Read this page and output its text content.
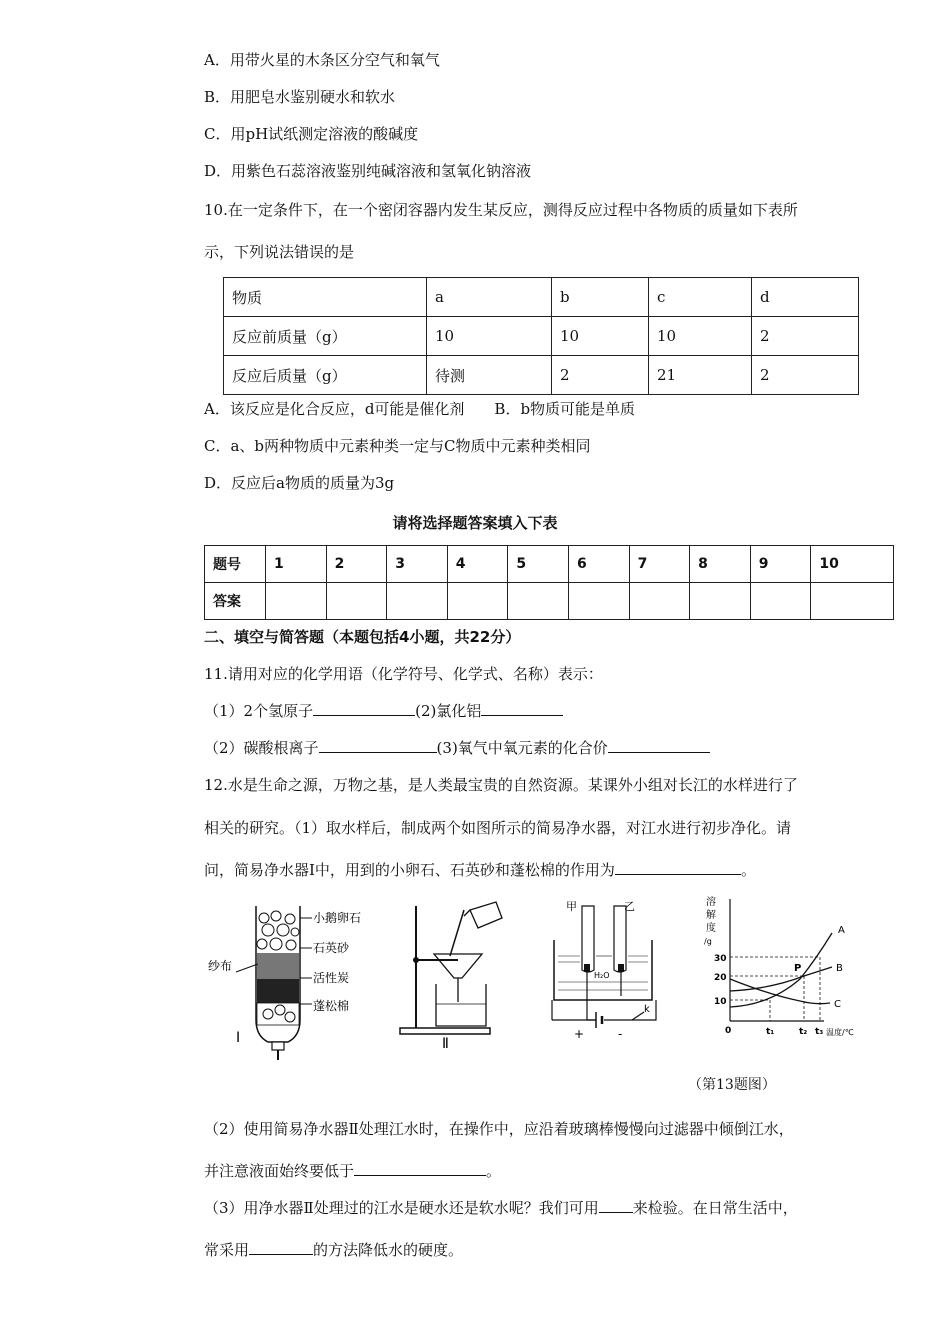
A．用带火星的木条区分空气和氧气
B．用肥皂水鉴别硬水和软水
C．用pH试纸测定溶液的酸碱度
D．用紫色石蕊溶液鉴别纯碱溶液和氢氧化钠溶液
10.在一定条件下，在一个密闭容器内发生某反应，测得反应过程中各物质的质量如下表所
示，下列说法错误的是
物质	a	b	c	d
反应前质量（g）	10	10	10	2
反应后质量（g）	待测	2	21	2
A．该反应是化合反应，d可能是催化剂　　B．b物质可能是单质
C．a、b两种物质中元素种类一定与C物质中元素种类相同
D．反应后a物质的质量为3g
请将选择题答案填入下表
题号	1	2	3	4	5	6	7	8	9	10
答案										
二、填空与简答题（本题包括4小题，共22分）
11.请用对应的化学用语（化学符号、化学式、名称）表示：
（1）2个氢原子	(2)氯化铝
（2）碳酸根离子	(3)氧气中氧元素的化合价
12.水是生命之源，万物之基，是人类最宝贵的自然资源。某课外小组对长江的水样进行了
相关的研究。（1）取水样后，制成两个如图所示的简易净水器，对江水进行初步净化。请
问，简易净水器Ⅰ中，用到的小卵石、石英砂和蓬松棉的作用为	。
小鹅卵石
石英砂
活性炭
蓬松棉
纱布
Ⅰ	Ⅱ
甲	乙
H₂O
+	-
k
溶
解
度
/g
A
B
C
P
30
20
10
0	t₁	t₂ t₃ 温度/℃
（第13题图）
（2）使用简易净水器Ⅱ处理江水时，在操作中，应沿着玻璃棒慢慢向过滤器中倾倒江水，
并注意液面始终要低于	。
（3）用净水器Ⅱ处理过的江水是硬水还是软水呢？我们可用 来检验。在日常生活中，
常采用	的方法降低水的硬度。
